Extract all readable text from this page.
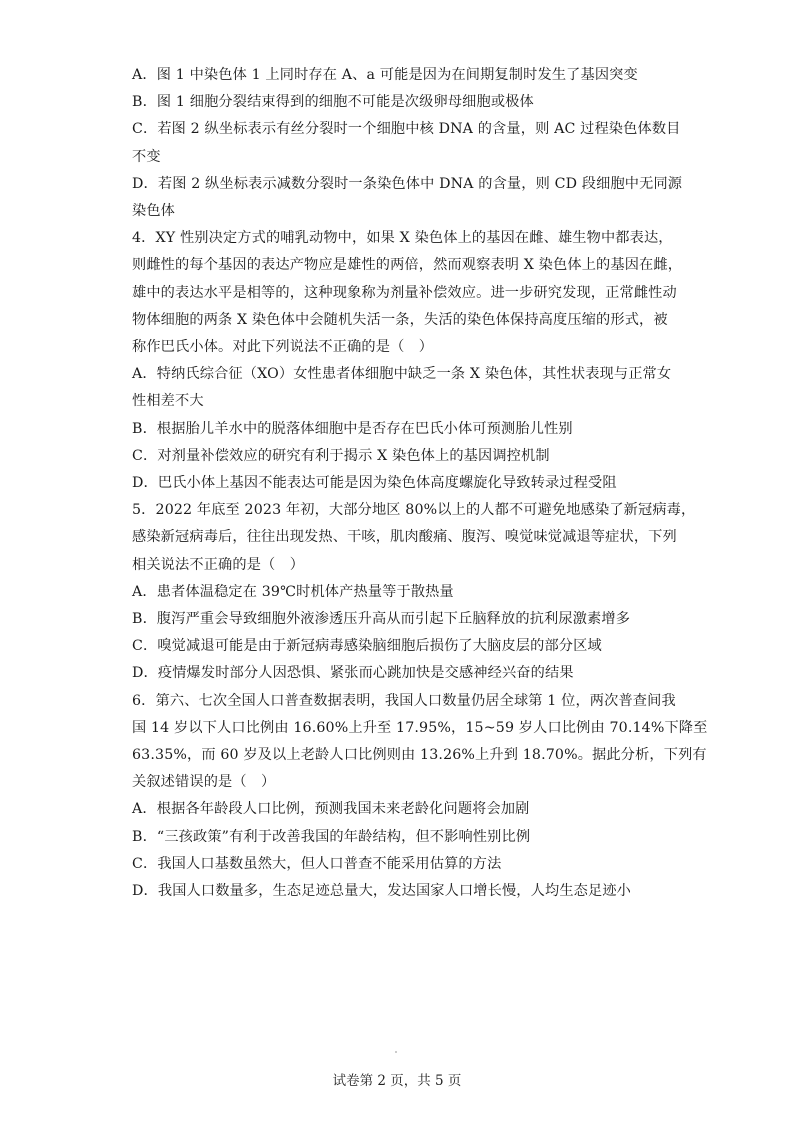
A．图 1 中染色体 1 上同时存在 A、a 可能是因为在间期复制时发生了基因突变
B．图 1 细胞分裂结束得到的细胞不可能是次级卵母细胞或极体
C．若图 2 纵坐标表示有丝分裂时一个细胞中核 DNA 的含量，则 AC 过程染色体数目
不变
D．若图 2 纵坐标表示减数分裂时一条染色体中 DNA 的含量，则 CD 段细胞中无同源
染色体
4．XY 性别决定方式的哺乳动物中，如果 X 染色体上的基因在雌、雄生物中都表达，
则雌性的每个基因的表达产物应是雄性的两倍，然而观察表明 X 染色体上的基因在雌，
雄中的表达水平是相等的，这种现象称为剂量补偿效应。进一步研究发现，正常雌性动
物体细胞的两条 X 染色体中会随机失活一条，失活的染色体保持高度压缩的形式，被
称作巴氏小体。对此下列说法不正确的是（　）
A．特纳氏综合征（XO）女性患者体细胞中缺乏一条 X 染色体，其性状表现与正常女
性相差不大
B．根据胎儿羊水中的脱落体细胞中是否存在巴氏小体可预测胎儿性别
C．对剂量补偿效应的研究有利于揭示 X 染色体上的基因调控机制
D．巴氏小体上基因不能表达可能是因为染色体高度螺旋化导致转录过程受阻
5．2022 年底至 2023 年初，大部分地区 80%以上的人都不可避免地感染了新冠病毒，
感染新冠病毒后，往往出现发热、干咳，肌肉酸痛、腹泻、嗅觉味觉减退等症状，下列
相关说法不正确的是（　）
A．患者体温稳定在 39℃时机体产热量等于散热量
B．腹泻严重会导致细胞外液渗透压升高从而引起下丘脑释放的抗利尿激素增多
C．嗅觉减退可能是由于新冠病毒感染脑细胞后损伤了大脑皮层的部分区域
D．疫情爆发时部分人因恐惧、紧张而心跳加快是交感神经兴奋的结果
6．第六、七次全国人口普查数据表明，我国人口数量仍居全球第 1 位，两次普查间我
国 14 岁以下人口比例由 16.60%上升至 17.95%，15~59 岁人口比例由 70.14%下降至
63.35%，而 60 岁及以上老龄人口比例则由 13.26%上升到 18.70%。据此分析，下列有
关叙述错误的是（　）
A．根据各年龄段人口比例，预测我国未来老龄化问题将会加剧
B．“三孩政策”有利于改善我国的年龄结构，但不影响性别比例
C．我国人口基数虽然大，但人口普查不能采用估算的方法
D．我国人口数量多，生态足迹总量大，发达国家人口增长慢，人均生态足迹小
试卷第 2 页，共 5 页
